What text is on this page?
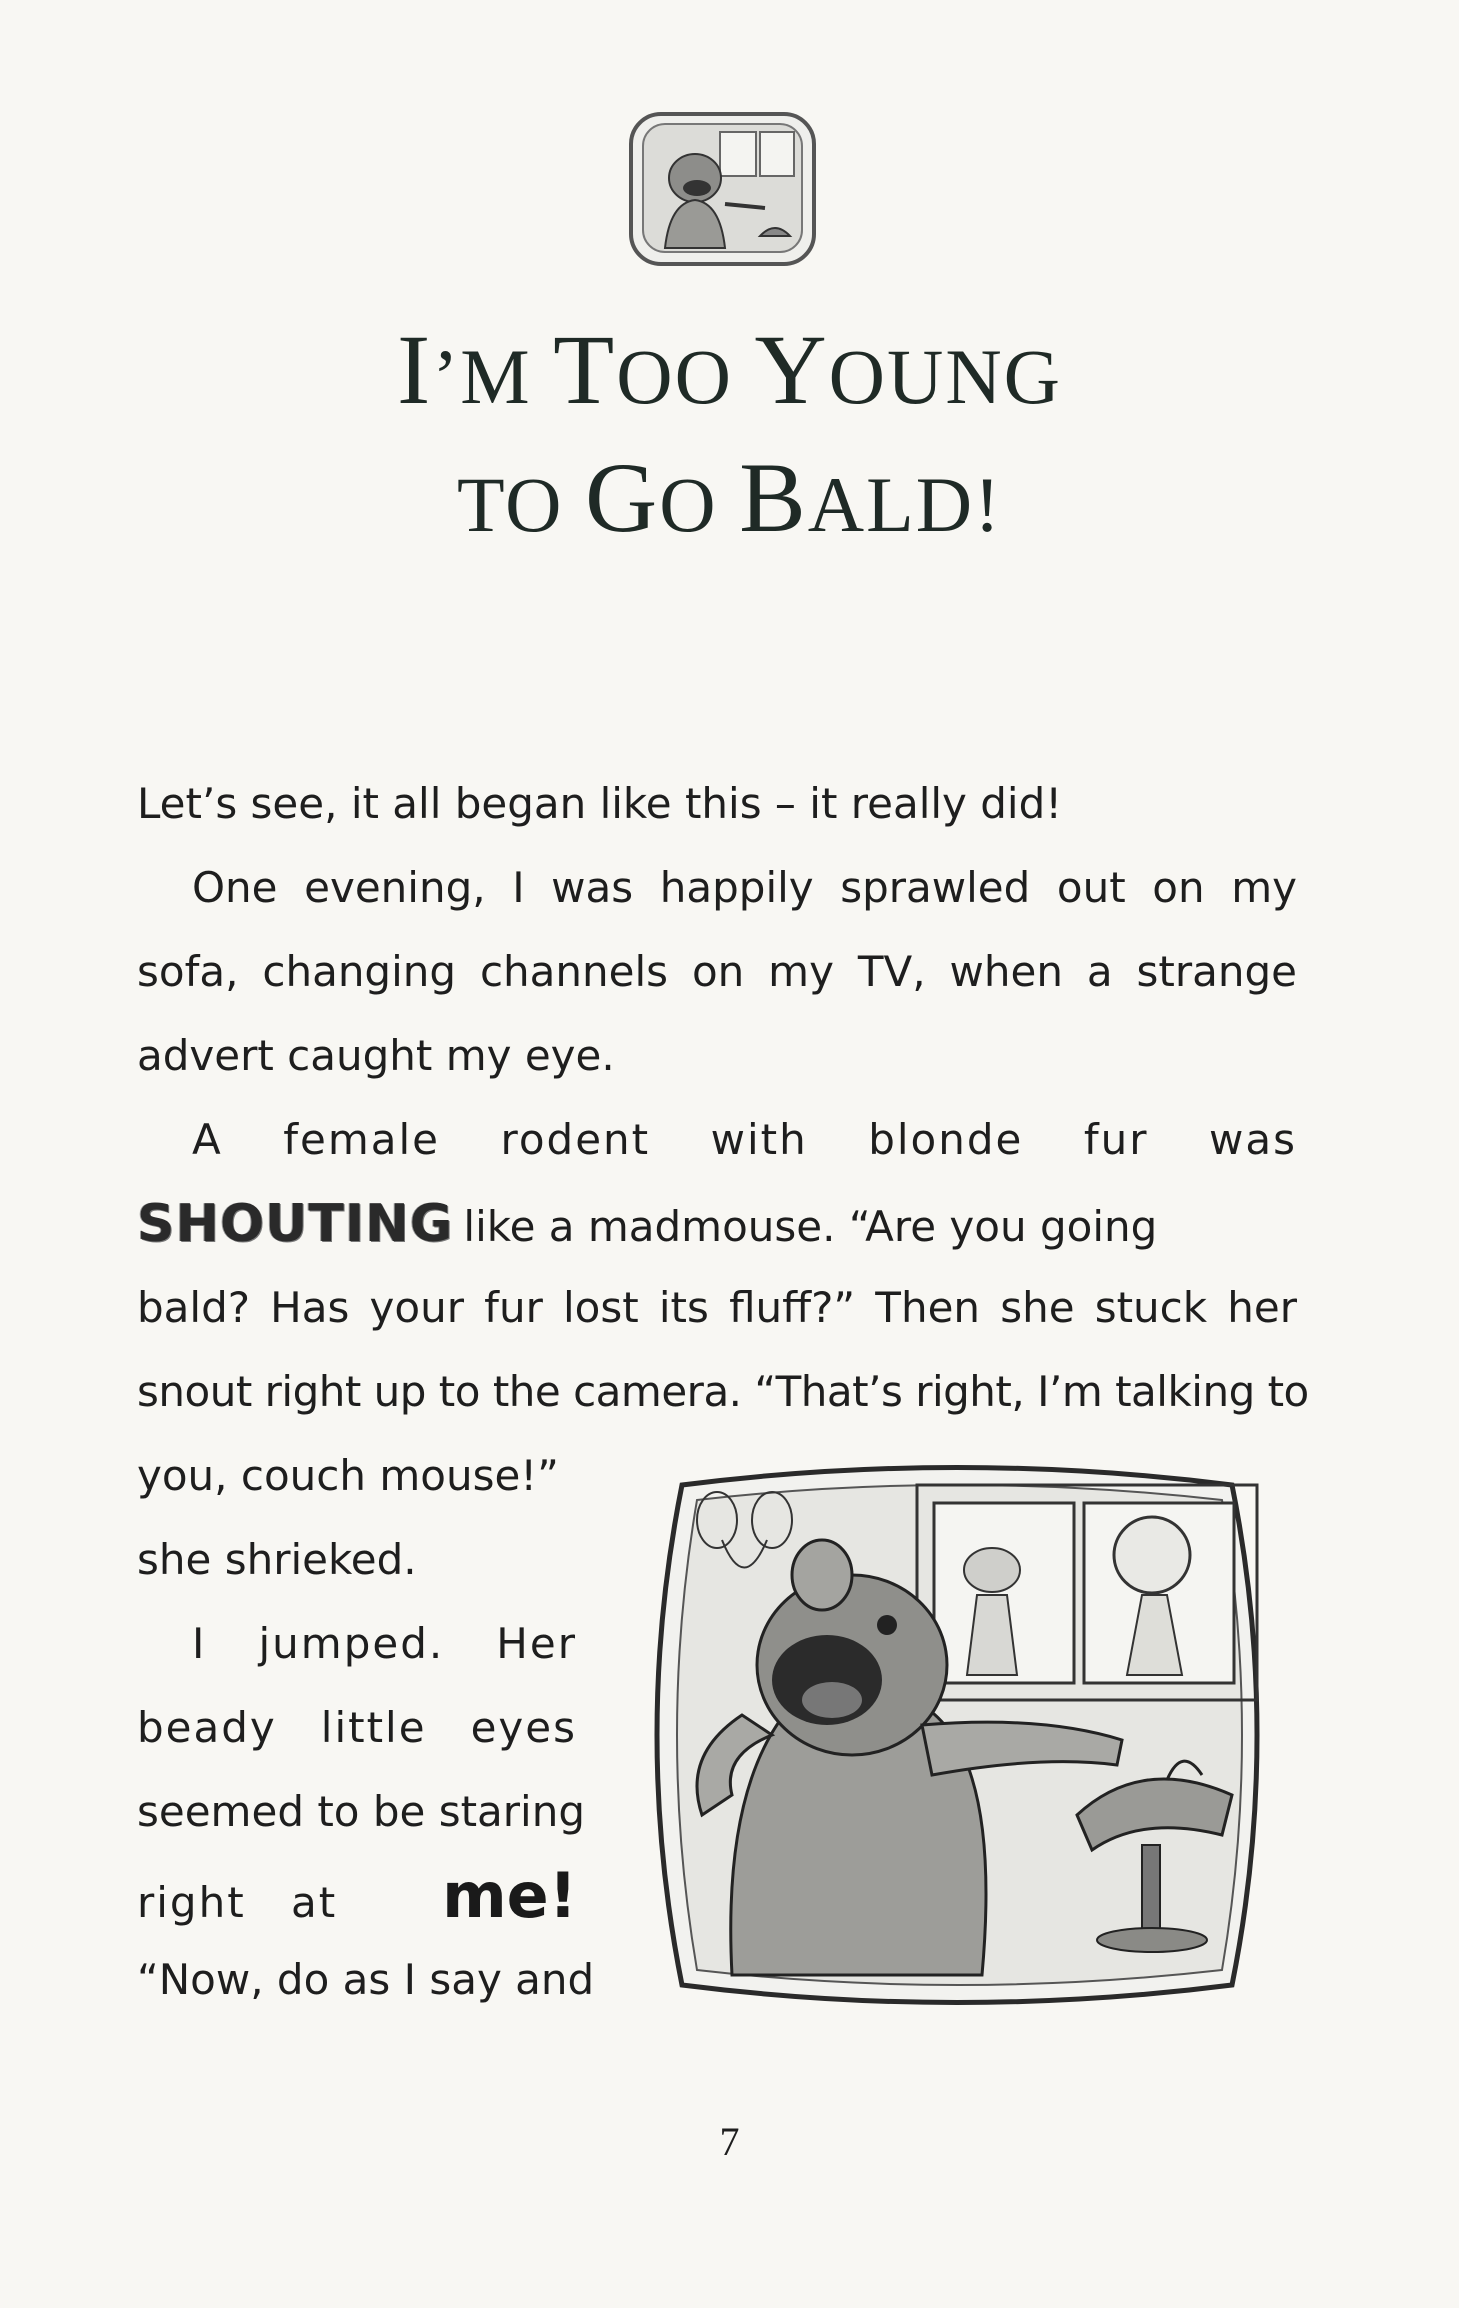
I’M TOO YOUNG
TO GO BALD!
Let’s see, it all began like this – it really did!
One evening, I was happily sprawled out on my
sofa, changing channels on my TV, when a strange
advert caught my eye.
A female rodent with blonde fur was
SHOUTING like a madmouse. “Are you going
bald? Has your fur lost its fluff?” Then she stuck her
snout right up to the camera. “That’s right, I’m talking to
you, couch mouse!”
she shrieked.
I jumped. Her
beady little eyes
seemed to be staring
right at me!
“Now, do as I say and
7
